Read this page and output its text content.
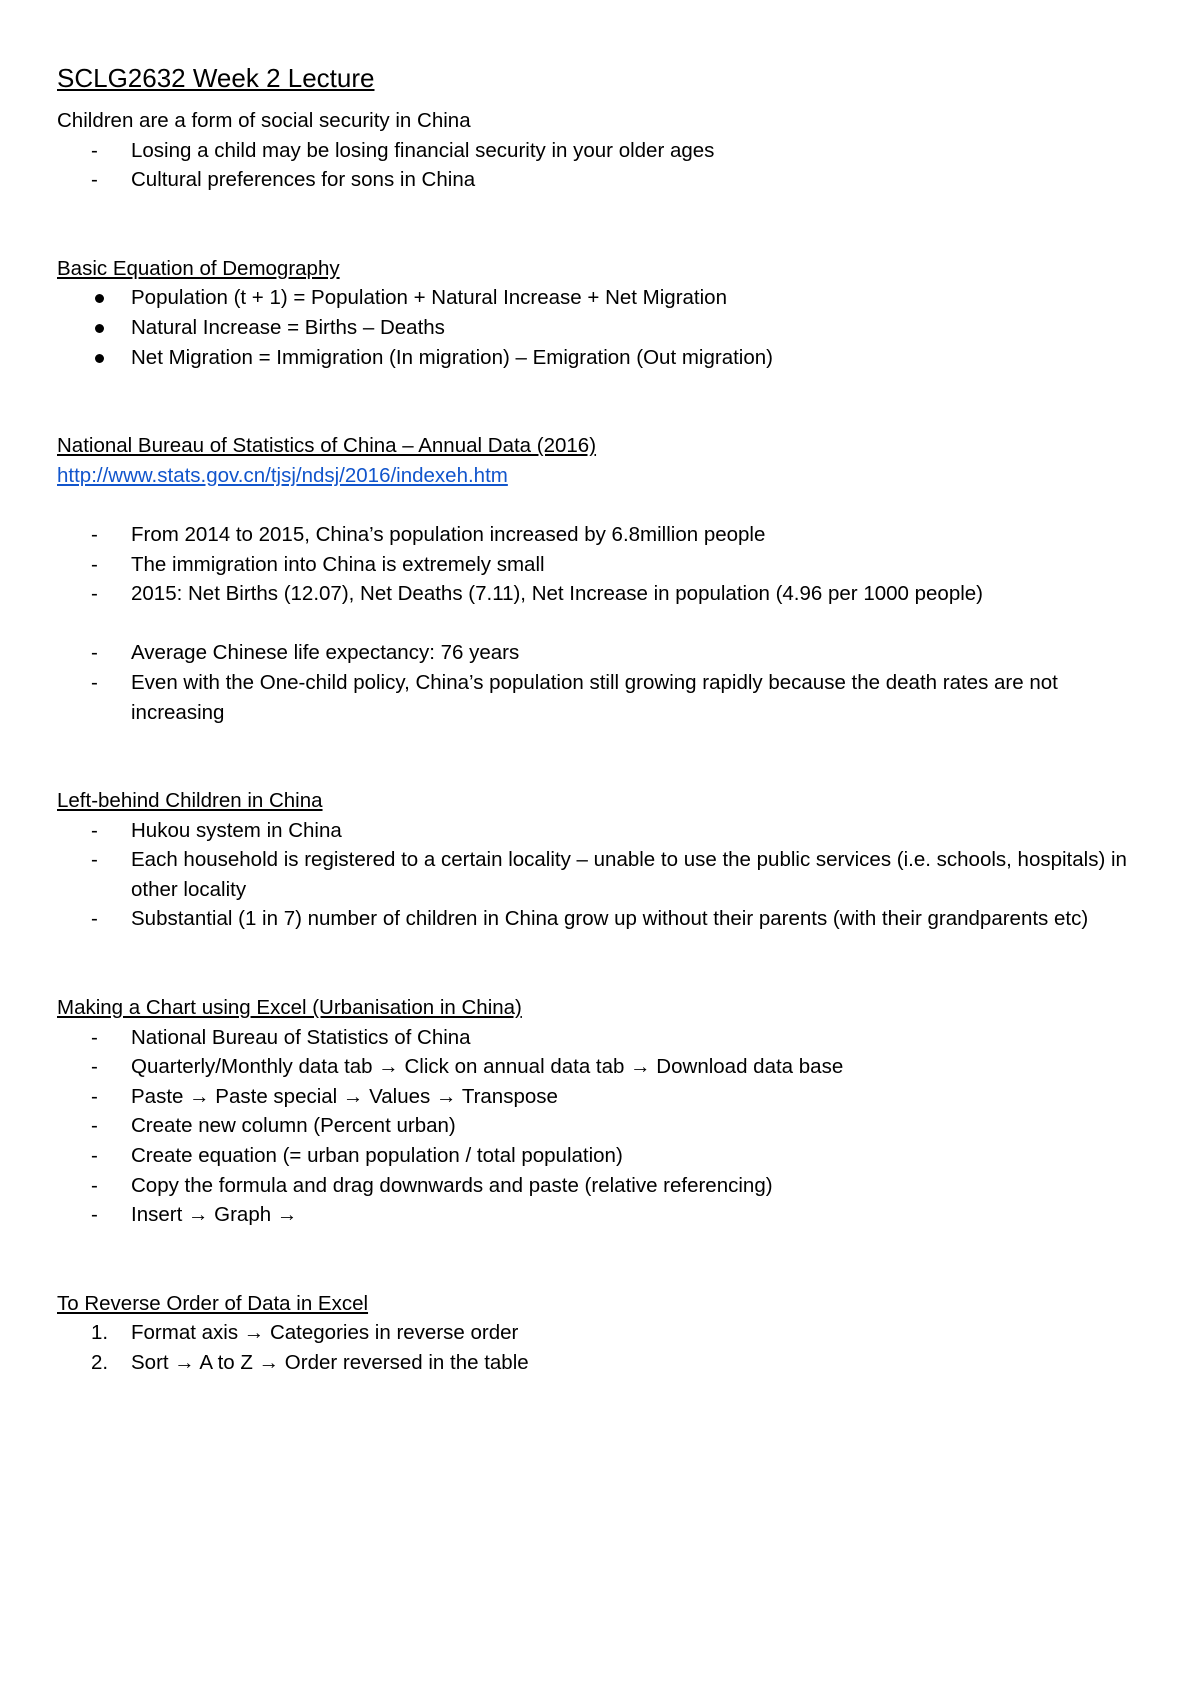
SCLG2632 Week 2 Lecture

Children are a form of social security in China

-	Losing a child may be losing financial security in your older ages
-	Cultural preferences for sons in China

Basic Equation of Demography

Population (t + 1) = Population + Natural Increase + Net Migration
Natural Increase = Births – Deaths
Net Migration = Immigration (In migration) – Emigration (Out migration)

National Bureau of Statistics of China – Annual Data (2016)

http://www.stats.gov.cn/tjsj/ndsj/2016/indexeh.htm

-	From 2014 to 2015, China’s population increased by 6.8million people
-	The immigration into China is extremely small
-	2015: Net Births (12.07), Net Deaths (7.11), Net Increase in population (4.96 per 1000 people)
-	Average Chinese life expectancy: 76 years
-	Even with the One-child policy, China’s population still growing rapidly because the death rates are not increasing

Left-behind Children in China

-	Hukou system in China
-	Each household is registered to a certain locality – unable to use the public services (i.e. schools, hospitals) in other locality
-	Substantial (1 in 7) number of children in China grow up without their parents (with their grandparents etc)

Making a Chart using Excel (Urbanisation in China)

-	National Bureau of Statistics of China
-	Quarterly/Monthly data tab → Click on annual data tab → Download data base
-	Paste → Paste special → Values → Transpose
-	Create new column (Percent urban)
-	Create equation (= urban population / total population)
-	Copy the formula and drag downwards and paste (relative referencing)
-	Insert → Graph →

To Reverse Order of Data in Excel

1.	Format axis → Categories in reverse order
2.	Sort → A to Z → Order reversed in the table
